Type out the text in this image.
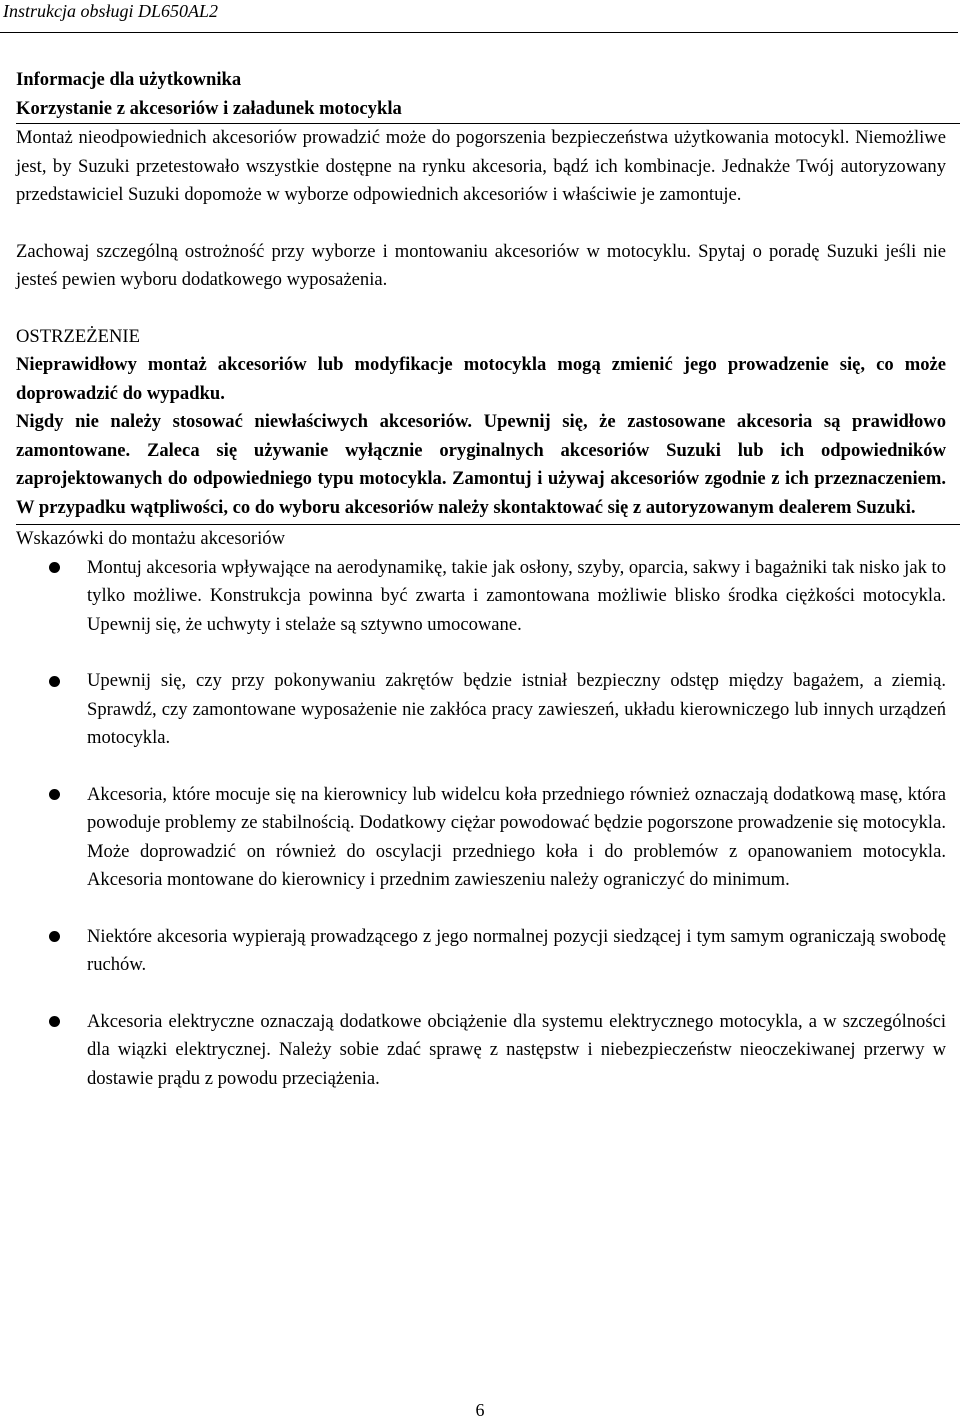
Instrukcja obsługi DL650AL2

Informacje dla użytkownika

Korzystanie z akcesoriów i załadunek motocykla

Montaż nieodpowiednich akcesoriów prowadzić może do pogorszenia bezpieczeństwa użytkowania motocykl. Niemożliwe jest, by Suzuki przetestowało wszystkie dostępne na rynku akcesoria, bądź ich kombinacje. Jednakże Twój autoryzowany przedstawiciel Suzuki dopomoże w wyborze odpowiednich akcesoriów i właściwie je zamontuje.

Zachowaj szczególną ostrożność przy wyborze i montowaniu akcesoriów w motocyklu. Spytaj o poradę Suzuki jeśli nie jesteś pewien wyboru dodatkowego wyposażenia.

OSTRZEŻENIE

Nieprawidłowy montaż akcesoriów lub modyfikacje motocykla mogą zmienić jego prowadzenie się, co może doprowadzić do wypadku.

Nigdy nie należy stosować niewłaściwych akcesoriów. Upewnij się, że zastosowane akcesoria są prawidłowo zamontowane. Zaleca się używanie wyłącznie oryginalnych akcesoriów Suzuki lub ich odpowiedników zaprojektowanych do odpowiedniego typu motocykla. Zamontuj i używaj akcesoriów zgodnie z ich przeznaczeniem. W przypadku wątpliwości, co do wyboru akcesoriów należy skontaktować się z autoryzowanym dealerem Suzuki.

Wskazówki do montażu akcesoriów

Montuj akcesoria wpływające na aerodynamikę, takie jak osłony, szyby, oparcia, sakwy i bagażniki tak nisko jak to tylko możliwe. Konstrukcja powinna być zwarta i zamontowana możliwie blisko środka ciężkości motocykla. Upewnij się, że uchwyty i stelaże są sztywno umocowane.
Upewnij się, czy przy pokonywaniu zakrętów będzie istniał bezpieczny odstęp między bagażem, a ziemią. Sprawdź, czy zamontowane wyposażenie nie zakłóca pracy zawieszeń, układu kierowniczego lub innych urządzeń motocykla.
Akcesoria, które mocuje się na kierownicy lub widelcu koła przedniego również oznaczają dodatkową masę, która powoduje problemy ze stabilnością. Dodatkowy ciężar powodować będzie pogorszone prowadzenie się motocykla. Może doprowadzić on również do oscylacji przedniego koła i do problemów z opanowaniem motocykla. Akcesoria montowane do kierownicy i przednim zawieszeniu należy ograniczyć do minimum.
Niektóre akcesoria wypierają prowadzącego z jego normalnej pozycji siedzącej i tym samym ograniczają swobodę ruchów.
Akcesoria elektryczne oznaczają dodatkowe obciążenie dla systemu elektrycznego motocykla, a w szczególności dla wiązki elektrycznej. Należy sobie zdać sprawę z następstw i niebezpieczeństw nieoczekiwanej przerwy w dostawie prądu z powodu przeciążenia.
6
